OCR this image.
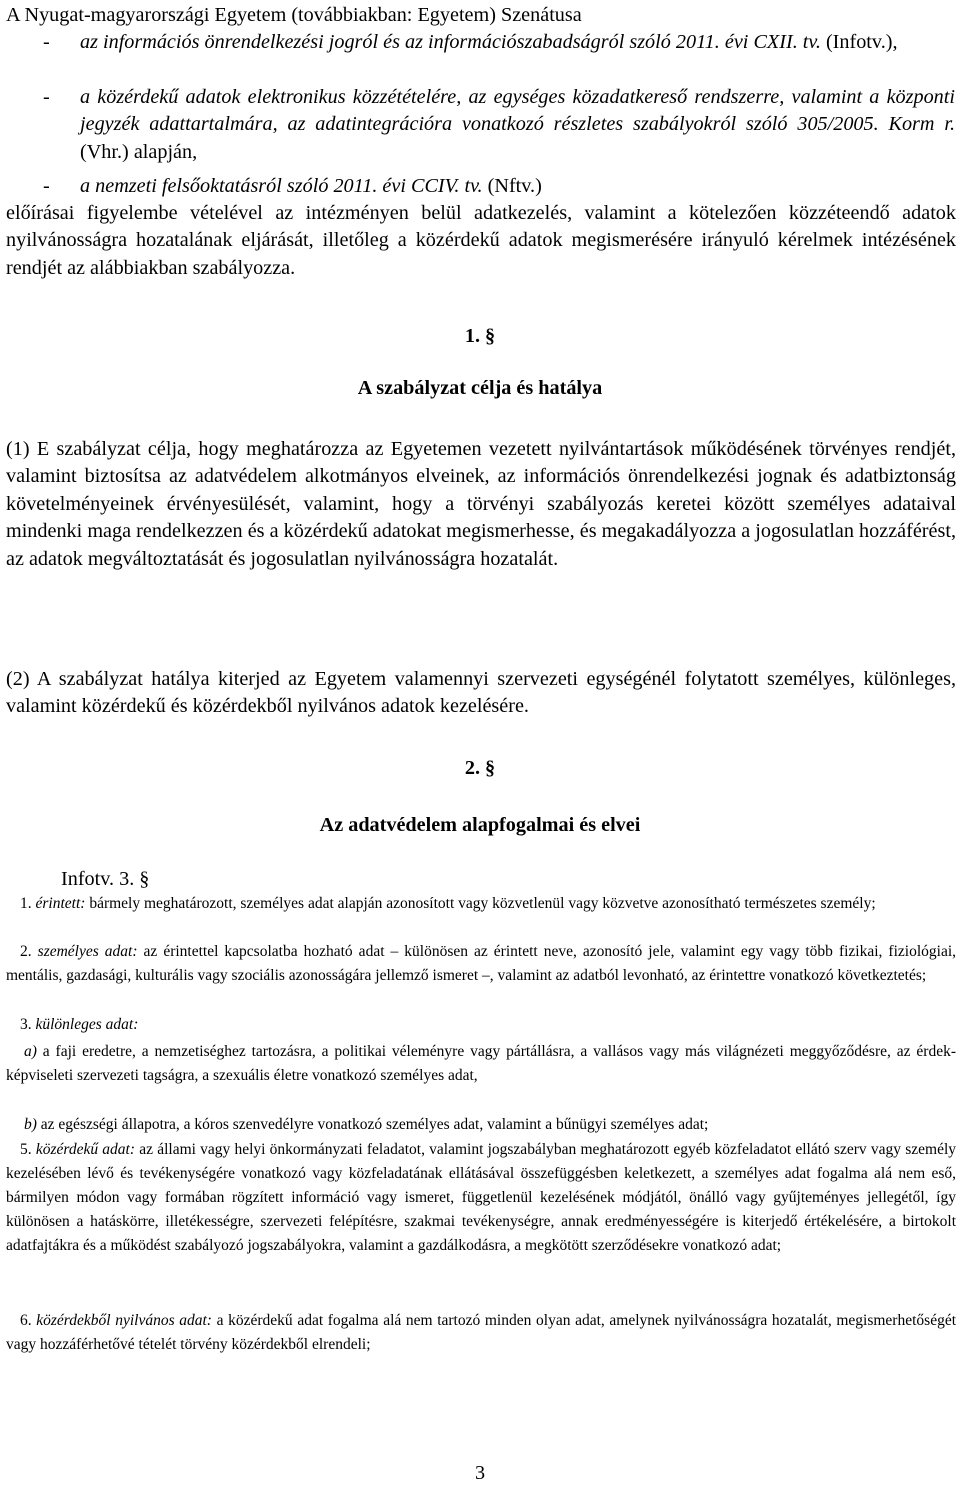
A Nyugat-magyarországi Egyetem (továbbiakban: Egyetem) Szenátusa

- az információs önrendelkezési jogról és az információszabadságról szóló 2011. évi CXII. tv. (Infotv.),

- a közérdekű adatok elektronikus közzétételére, az egységes közadatkereső rendszerre, valamint a központi jegyzék adattartalmára, az adatintegrációra vonatkozó részletes szabályokról szóló 305/2005. Korm r. (Vhr.) alapján,

- a nemzeti felsőoktatásról szóló 2011. évi CCIV. tv. (Nftv.)

előírásai figyelembe vételével az intézményen belül adatkezelés, valamint a kötelezően közzéteendő adatok nyilvánosságra hozatalának eljárását, illetőleg a közérdekű adatok megismerésére irányuló kérelmek intézésének rendjét az alábbiakban szabályozza.

1. §

A szabályzat célja és hatálya

(1) E szabályzat célja, hogy meghatározza az Egyetemen vezetett nyilvántartások működésének törvényes rendjét, valamint biztosítsa az adatvédelem alkotmányos elveinek, az információs önrendelkezési jognak és adatbiztonság követelményeinek érvényesülését, valamint, hogy a törvényi szabályozás keretei között személyes adataival mindenki maga rendelkezzen és a közérdekű adatokat megismerhesse, és megakadályozza a jogosulatlan hozzáférést, az adatok megváltoztatását és jogosulatlan nyilvánosságra hozatalát.

(2) A szabályzat hatálya kiterjed az Egyetem valamennyi szervezeti egységénél folytatott személyes, különleges, valamint közérdekű és közérdekből nyilvános adatok kezelésére.

2. §

Az adatvédelem alapfogalmai és elvei

Infotv. 3. §

1. érintett: bármely meghatározott, személyes adat alapján azonosított vagy közvetlenül vagy közvetve azonosítható természetes személy;

2. személyes adat: az érintettel kapcsolatba hozható adat – különösen az érintett neve, azonosító jele, valamint egy vagy több fizikai, fiziológiai, mentális, gazdasági, kulturális vagy szociális azonosságára jellemző ismeret –, valamint az adatból levonható, az érintettre vonatkozó következtetés;

3. különleges adat:

a) a faji eredetre, a nemzetiséghez tartozásra, a politikai véleményre vagy pártállásra, a vallásos vagy más világnézeti meggyőződésre, az érdek-képviseleti szervezeti tagságra, a szexuális életre vonatkozó személyes adat,

b) az egészségi állapotra, a kóros szenvedélyre vonatkozó személyes adat, valamint a bűnügyi személyes adat;

5. közérdekű adat: az állami vagy helyi önkormányzati feladatot, valamint jogszabályban meghatározott egyéb közfeladatot ellátó szerv vagy személy kezelésében lévő és tevékenységére vonatkozó vagy közfeladatának ellátásával összefüggésben keletkezett, a személyes adat fogalma alá nem eső, bármilyen módon vagy formában rögzített információ vagy ismeret, függetlenül kezelésének módjától, önálló vagy gyűjteményes jellegétől, így különösen a hatáskörre, illetékességre, szervezeti felépítésre, szakmai tevékenységre, annak eredményességére is kiterjedő értékelésére, a birtokolt adatfajtákra és a működést szabályozó jogszabályokra, valamint a gazdálkodásra, a megkötött szerződésekre vonatkozó adat;

6. közérdekből nyilvános adat: a közérdekű adat fogalma alá nem tartozó minden olyan adat, amelynek nyilvánosságra hozatalát, megismerhetőségét vagy hozzáférhetővé tételét törvény közérdekből elrendeli;

3
